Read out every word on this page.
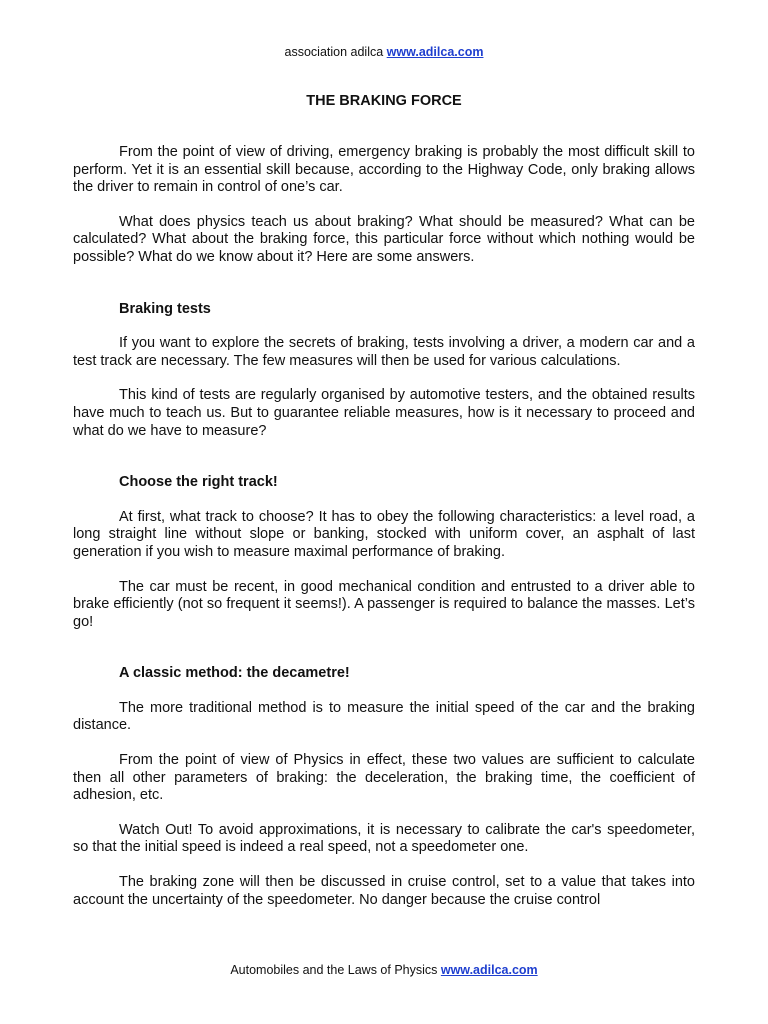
association adilca www.adilca.com
THE BRAKING FORCE

From the point of view of driving, emergency braking is probably the most difficult skill to perform. Yet it is an essential skill because, according to the Highway Code, only braking allows the driver to remain in control of one’s car.

What does physics teach us about braking? What should be measured? What can be calculated? What about the braking force, this particular force without which nothing would be possible? What do we know about it? Here are some answers.

Braking tests

If you want to explore the secrets of braking, tests involving a driver, a modern car and a test track are necessary. The few measures will then be used for various calculations.

This kind of tests are regularly organised by automotive testers, and the obtained results have much to teach us. But to guarantee reliable measures, how is it necessary to proceed and what do we have to measure?

Choose the right track!

At first, what track to choose? It has to obey the following characteristics: a level road, a long straight line without slope or banking, stocked with uniform cover, an asphalt of last generation if you wish to measure maximal performance of braking.

The car must be recent, in good mechanical condition and entrusted to a driver able to brake efficiently (not so frequent it seems!). A passenger is required to balance the masses. Let’s go!

A classic method: the decametre!

The more traditional method is to measure the initial speed of the car and the braking distance.

From the point of view of Physics in effect, these two values are sufficient to calculate then all other parameters of braking: the deceleration, the braking time, the coefficient of adhesion, etc.

Watch Out! To avoid approximations, it is necessary to calibrate the car's speedometer, so that the initial speed is indeed a real speed, not a speedometer one.

The braking zone will then be discussed in cruise control, set to a value that takes into account the uncertainty of the speedometer. No danger because the cruise control

Automobiles and the Laws of Physics www.adilca.com
